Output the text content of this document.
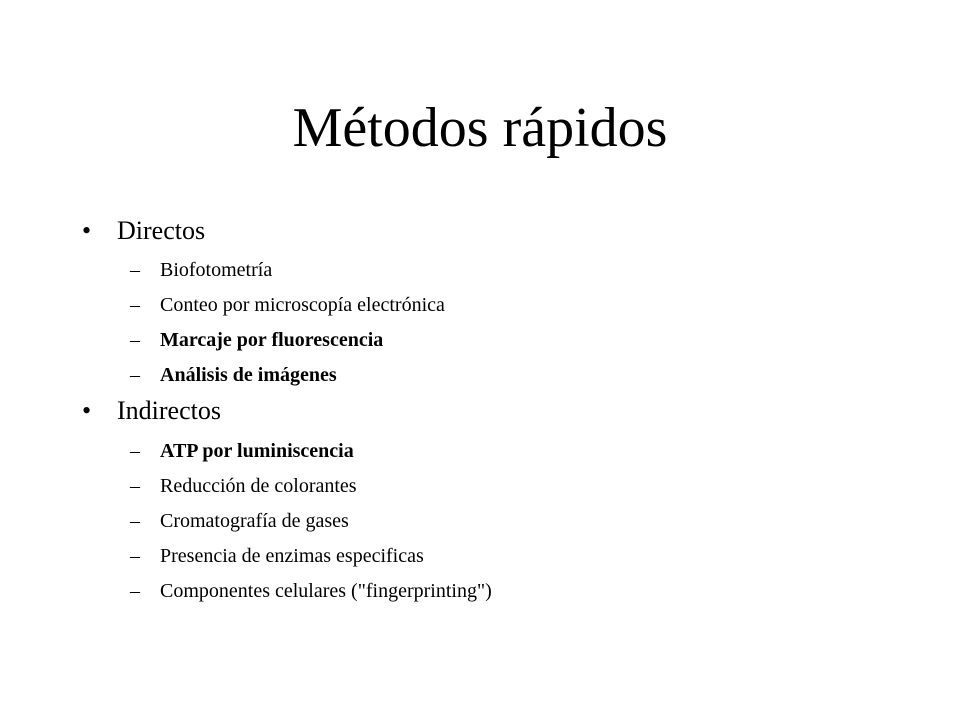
Métodos rápidos
• Directos
– Biofotometría
– Conteo por microscopía electrónica
– Marcaje por fluorescencia
– Análisis de imágenes
• Indirectos
– ATP por luminiscencia
– Reducción de colorantes
– Cromatografía de gases
– Presencia de enzimas especificas
– Componentes celulares ("fingerprinting")
